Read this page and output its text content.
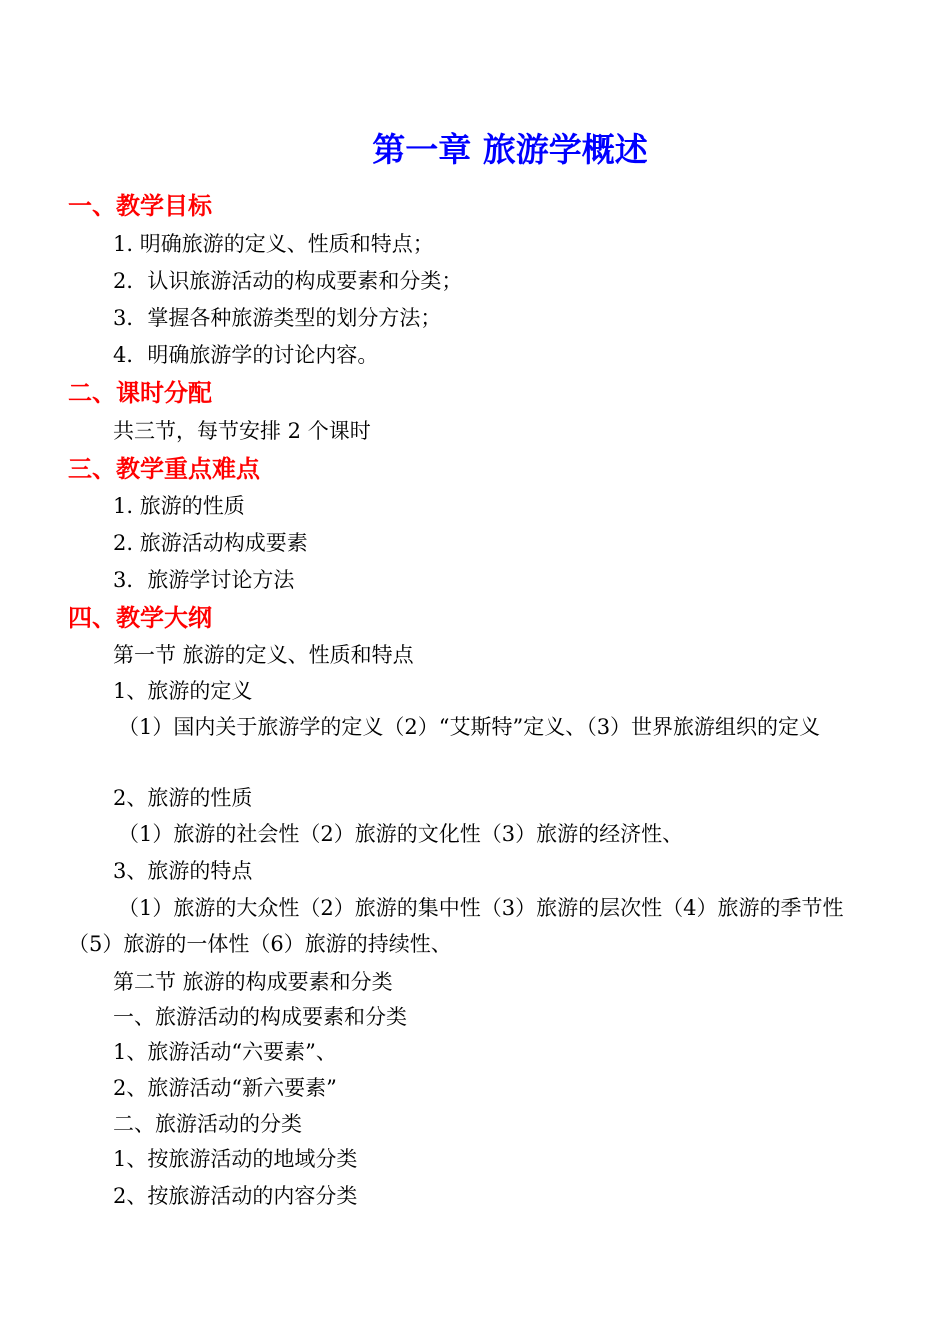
第一章 旅游学概述
一、教学目标
1. 明确旅游的定义、性质和特点；
2．认识旅游活动的构成要素和分类；
3．掌握各种旅游类型的划分方法；
4．明确旅游学的讨论内容。
二、课时分配
共三节，每节安排 2 个课时
三、教学重点难点
1. 旅游的性质
2. 旅游活动构成要素
3．旅游学讨论方法
四、教学大纲
第一节 旅游的定义、性质和特点
1、旅游的定义
（1）国内关于旅游学的定义（2）“艾斯特”定义、（3）世界旅游组织的定义
2、旅游的性质
（1）旅游的社会性（2）旅游的文化性（3）旅游的经济性、
3、旅游的特点
（1）旅游的大众性（2）旅游的集中性（3）旅游的层次性（4）旅游的季节性（5）旅游的一体性（6）旅游的持续性、
第二节 旅游的构成要素和分类
一、旅游活动的构成要素和分类
1、旅游活动“六要素”、
2、旅游活动“新六要素”
二、旅游活动的分类
1、按旅游活动的地域分类
2、按旅游活动的内容分类
